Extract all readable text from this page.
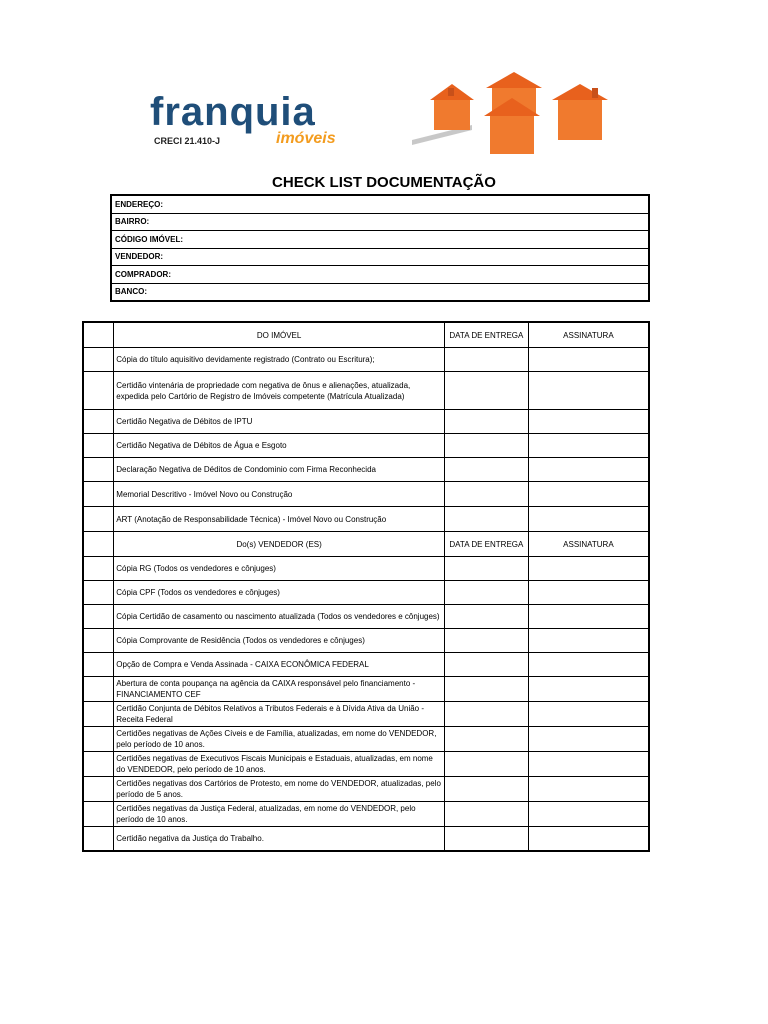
franquia
CRECI 21.410-J	imóveis
CHECK LIST DOCUMENTAÇÃO
ENDEREÇO:
BAIRRO:
CÓDIGO IMÓVEL:
VENDEDOR:
COMPRADOR:
BANCO:
	DO IMÓVEL	DATA DE ENTREGA	ASSINATURA
	Cópia do título aquisitivo devidamente registrado (Contrato ou Escritura);		
	Certidão vintenária de propriedade com negativa de ônus e alienações, atualizada, expedida pelo Cartório de Registro de Imóveis competente (Matrícula Atualizada)		
	Certidão Negativa de Débitos de IPTU		
	Certidão Negativa de Débitos de Água e Esgoto		
	Declaração Negativa de Déditos de Condominio com Firma Reconhecida		
	Memorial Descritivo - Imóvel Novo ou Construção		
	ART (Anotação de Responsabilidade Técnica) - Imóvel Novo ou Construção		
	Do(s) VENDEDOR (ES)	DATA DE ENTREGA	ASSINATURA
	Cópia RG (Todos os vendedores e cônjuges)		
	Cópia CPF (Todos os vendedores e cônjuges)		
	Cópia Certidão de casamento ou nascimento atualizada (Todos os vendedores e cônjuges)		
	Cópia Comprovante de Residência (Todos os vendedores e cônjuges)		
	Opção de Compra e Venda Assinada - CAIXA ECONÔMICA FEDERAL		
	Abertura de conta poupança na agência da CAIXA responsável pelo financiamento - FINANCIAMENTO CEF		
	Certidão Conjunta de Débitos Relativos a Tributos Federais e à Dívida Ativa da União - Receita Federal		
	Certidões negativas de Ações Cíveis e de Família, atualizadas, em nome do VENDEDOR, pelo período de 10 anos.		
	Certidões negativas de Executivos Fiscais Municipais e Estaduais, atualizadas, em nome do VENDEDOR, pelo período de 10 anos.		
	Certidões negativas dos Cartórios de Protesto, em nome do VENDEDOR, atualizadas, pelo período de 5 anos.		
	Certidões negativas da Justiça Federal, atualizadas, em nome do VENDEDOR, pelo período de 10 anos.		
	Certidão negativa da Justiça do Trabalho.		
